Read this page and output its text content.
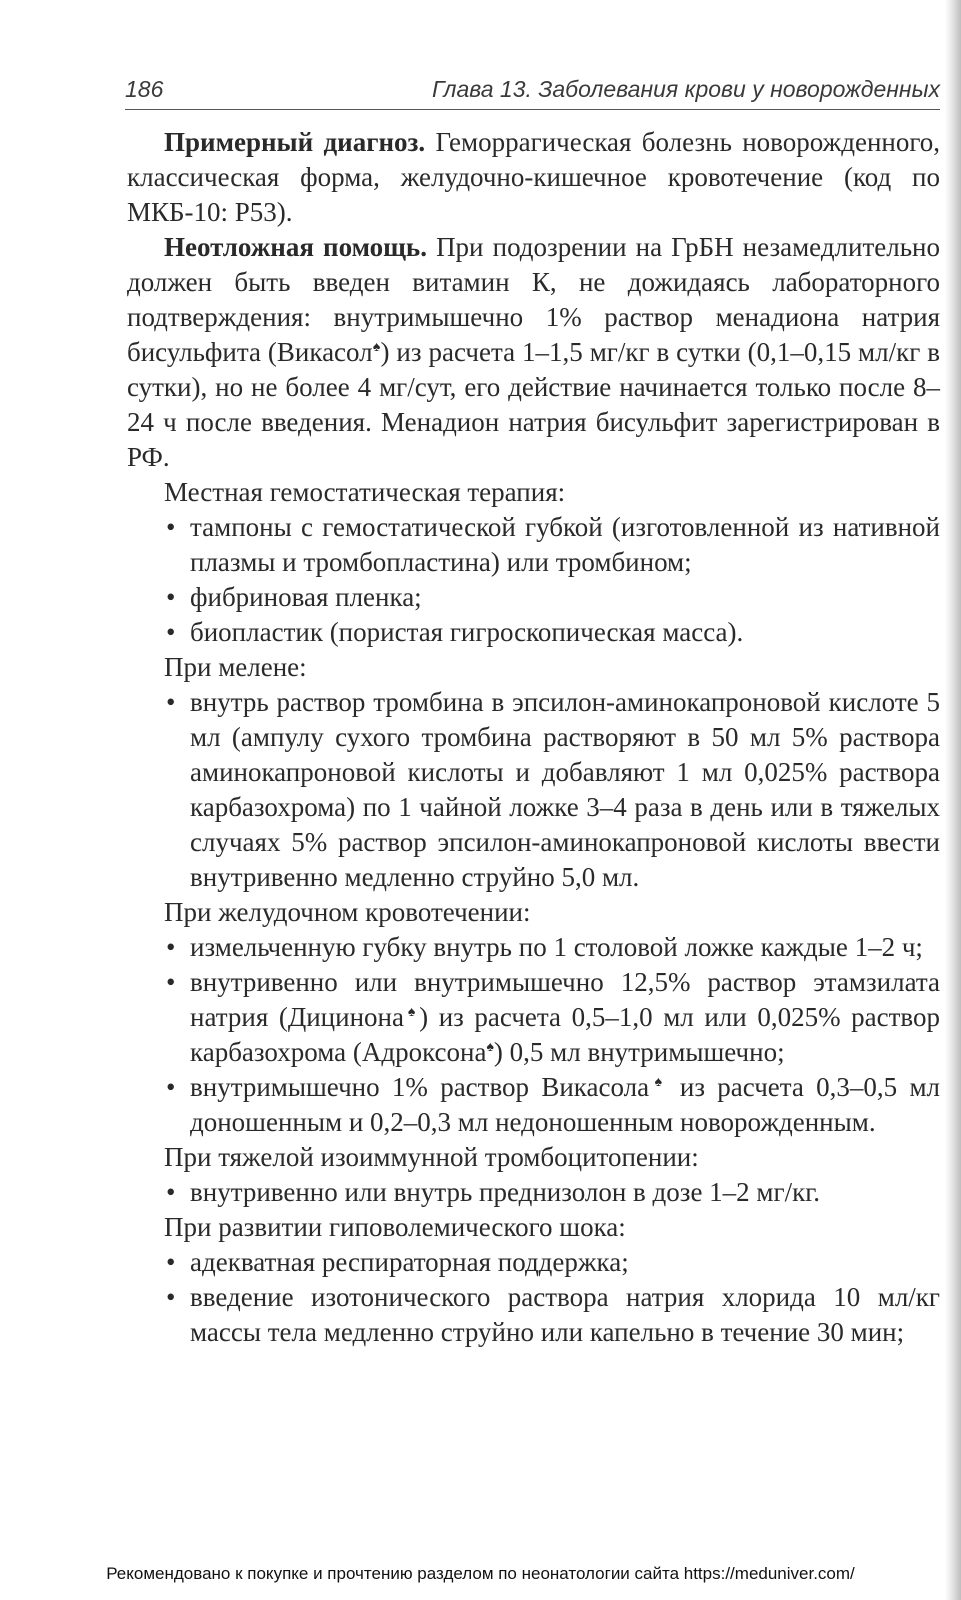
186	Глава 13. Заболевания крови у новорожденных

Примерный диагноз. Геморрагическая болезнь новорожденного, классическая форма, желудочно-кишечное кровотечение (код по МКБ-10: P53).

Неотложная помощь. При подозрении на ГрБН незамедлительно должен быть введен витамин К, не дожидаясь лабораторного подтверждения: внутримышечно 1% раствор менадиона натрия бисульфита (Викасол♠) из расчета 1–1,5 мг/кг в сутки (0,1–0,15 мл/кг в сутки), но не более 4 мг/сут, его действие начинается только после 8–24 ч после введения. Менадион натрия бисульфит зарегистрирован в РФ.

Местная гемостатическая терапия:

• тампоны с гемостатической губкой (изготовленной из нативной плазмы и тромбопластина) или тромбином;

• фибриновая пленка;

• биопластик (пористая гигроскопическая масса).

При мелене:

• внутрь раствор тромбина в эпсилон-аминокапроновой кислоте 5 мл (ампулу сухого тромбина растворяют в 50 мл 5% раствора аминокапроновой кислоты и добавляют 1 мл 0,025% раствора карбазохрома) по 1 чайной ложке 3–4 раза в день или в тяжелых случаях 5% раствор эпсилон-аминокапроновой кислоты ввести внутривенно медленно струйно 5,0 мл.

При желудочном кровотечении:

• измельченную губку внутрь по 1 столовой ложке каждые 1–2 ч;

• внутривенно или внутримышечно 12,5% раствор этамзилата натрия (Дицинона♠) из расчета 0,5–1,0 мл или 0,025% раствор карбазохрома (Адроксона♠) 0,5 мл внутримышечно;

• внутримышечно 1% раствор Викасола♠ из расчета 0,3–0,5 мл доношенным и 0,2–0,3 мл недоношенным новорожденным.

При тяжелой изоиммунной тромбоцитопении:

• внутривенно или внутрь преднизолон в дозе 1–2 мг/кг.

При развитии гиповолемического шока:

• адекватная респираторная поддержка;

• введение изотонического раствора натрия хлорида 10 мл/кг массы тела медленно струйно или капельно в течение 30 мин;

Рекомендовано к покупке и прочтению разделом по неонатологии сайта https://meduniver.com/
